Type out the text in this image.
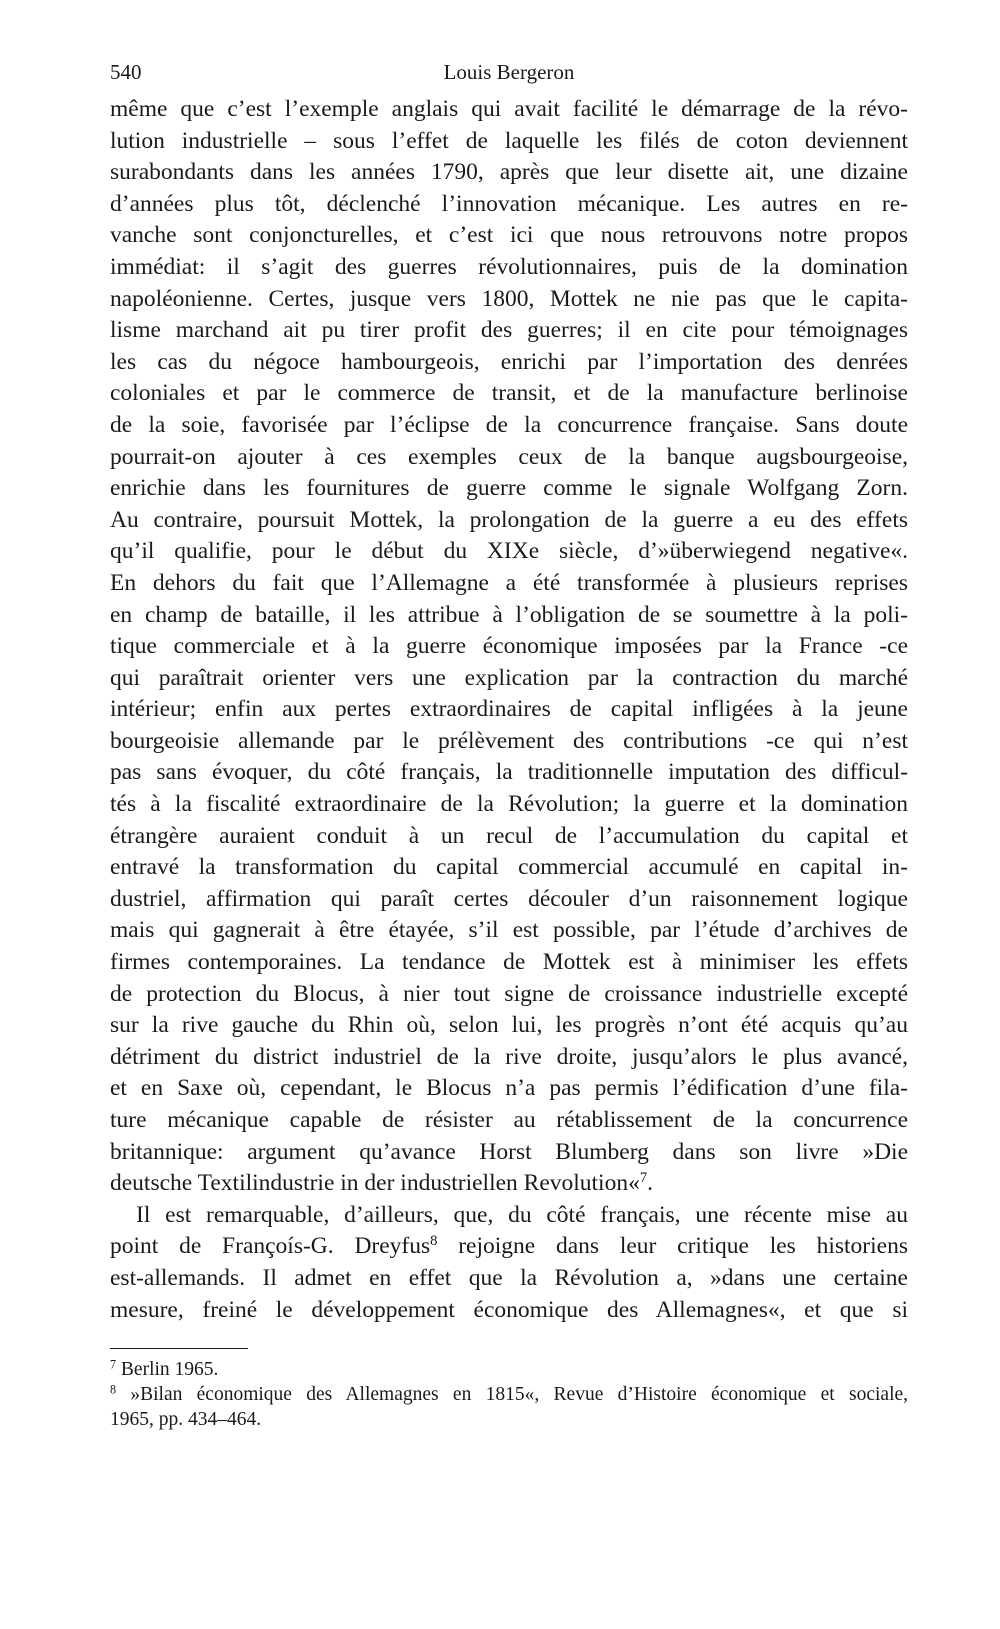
540	Louis Bergeron
même que c’est l’exemple anglais qui avait facilité le démarrage de la révo-
lution industrielle – sous l’effet de laquelle les filés de coton deviennent
surabondants dans les années 1790, après que leur disette ait, une dizaine
d’années plus tôt, déclenché l’innovation mécanique. Les autres en re-
vanche sont conjoncturelles, et c’est ici que nous retrouvons notre propos
immédiat: il s’agit des guerres révolutionnaires, puis de la domination
napoléonienne. Certes, jusque vers 1800, Mottek ne nie pas que le capita-
lisme marchand ait pu tirer profit des guerres; il en cite pour témoignages
les cas du négoce hambourgeois, enrichi par l’importation des denrées
coloniales et par le commerce de transit, et de la manufacture berlinoise
de la soie, favorisée par l’éclipse de la concurrence française. Sans doute
pourrait-on ajouter à ces exemples ceux de la banque augsbourgeoise,
enrichie dans les fournitures de guerre comme le signale Wolfgang Zorn.
Au contraire, poursuit Mottek, la prolongation de la guerre a eu des effets
qu’il qualifie, pour le début du XIXe siècle, d’»überwiegend negative«.
En dehors du fait que l’Allemagne a été transformée à plusieurs reprises
en champ de bataille, il les attribue à l’obligation de se soumettre à la poli-
tique commerciale et à la guerre économique imposées par la France -ce
qui paraîtrait orienter vers une explication par la contraction du marché
intérieur; enfin aux pertes extraordinaires de capital infligées à la jeune
bourgeoisie allemande par le prélèvement des contributions -ce qui n’est
pas sans évoquer, du côté français, la traditionnelle imputation des difficul-
tés à la fiscalité extraordinaire de la Révolution; la guerre et la domination
étrangère auraient conduit à un recul de l’accumulation du capital et
entravé la transformation du capital commercial accumulé en capital in-
dustriel, affirmation qui paraît certes découler d’un raisonnement logique
mais qui gagnerait à être étayée, s’il est possible, par l’étude d’archives de
firmes contemporaines. La tendance de Mottek est à minimiser les effets
de protection du Blocus, à nier tout signe de croissance industrielle excepté
sur la rive gauche du Rhin où, selon lui, les progrès n’ont été acquis qu’au
détriment du district industriel de la rive droite, jusqu’alors le plus avancé,
et en Saxe où, cependant, le Blocus n’a pas permis l’édification d’une fila-
ture mécanique capable de résister au rétablissement de la concurrence
britannique: argument qu’avance Horst Blumberg dans son livre »Die
deutsche Textilindustrie in der industriellen Revolution«$^7$.
Il est remarquable, d’ailleurs, que, du côté français, une récente mise au
point de Françoís-G. Dreyfus$^8$ rejoigne dans leur critique les historiens
est-allemands. Il admet en effet que la Révolution a, »dans une certaine
mesure, freiné le développement économique des Allemagnes«, et que si
$^7$ Berlin 1965.
$^8$ »Bilan économique des Allemagnes en 1815«, Revue d’Histoire économique et sociale,
1965, pp. 434–464.
